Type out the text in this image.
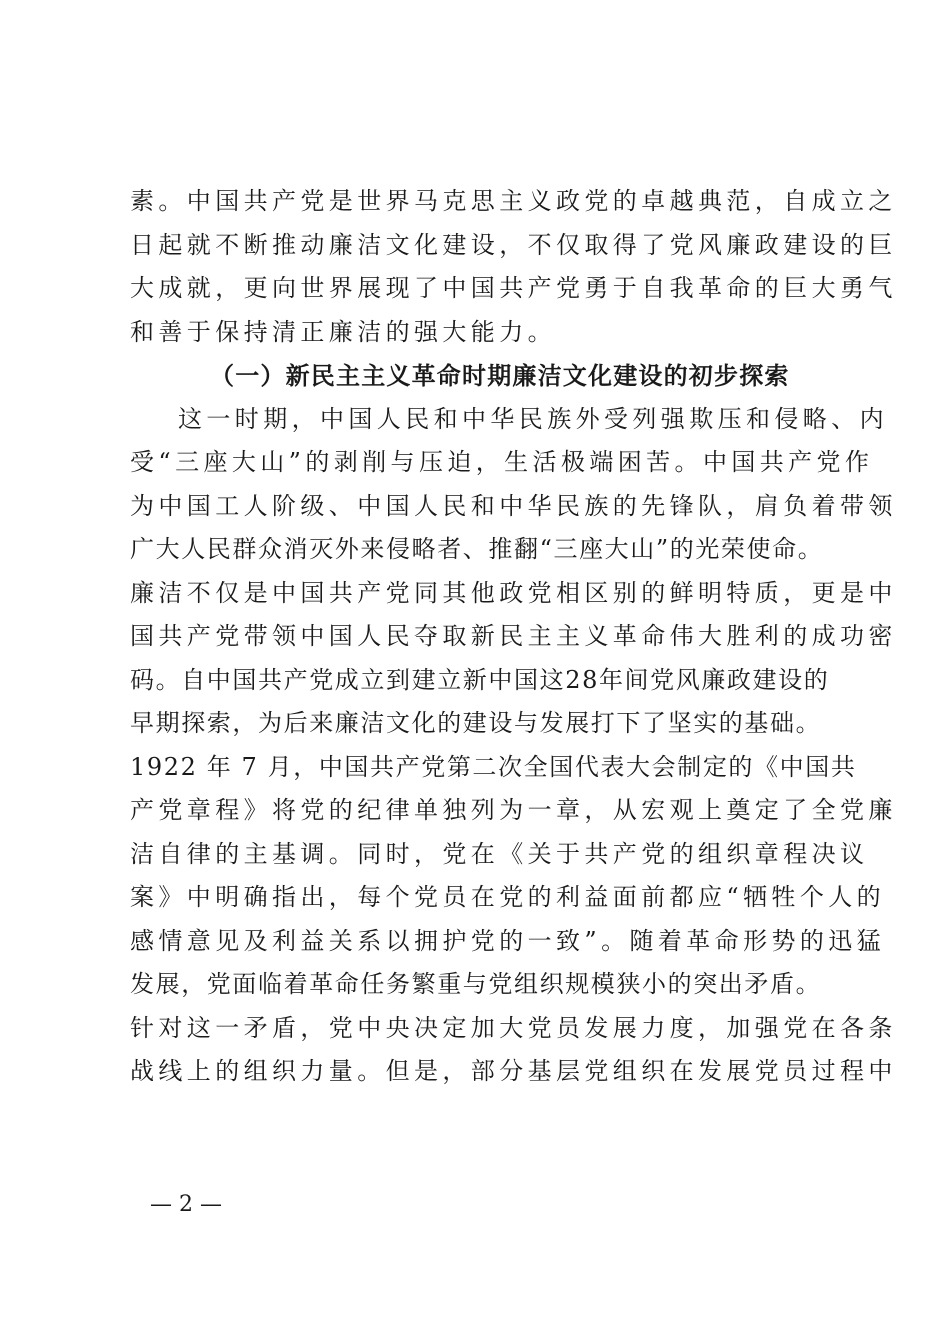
素。中国共产党是世界马克思主义政党的卓越典范，自成立之
日起就不断推动廉洁文化建设，不仅取得了党风廉政建设的巨
大成就，更向世界展现了中国共产党勇于自我革命的巨大勇气
和善于保持清正廉洁的强大能力。
（一）新民主主义革命时期廉洁文化建设的初步探索
这一时期，中国人民和中华民族外受列强欺压和侵略、内
受“三座大山”的剥削与压迫，生活极端困苦。中国共产党作
为中国工人阶级、中国人民和中华民族的先锋队，肩负着带领
广大人民群众消灭外来侵略者、推翻“三座大山”的光荣使命。
廉洁不仅是中国共产党同其他政党相区别的鲜明特质，更是中
国共产党带领中国人民夺取新民主主义革命伟大胜利的成功密
码。自中国共产党成立到建立新中国这28年间党风廉政建设的
早期探索，为后来廉洁文化的建设与发展打下了坚实的基础。
1922 年 7 月，中国共产党第二次全国代表大会制定的《中国共
产党章程》将党的纪律单独列为一章，从宏观上奠定了全党廉
洁自律的主基调。同时，党在《关于共产党的组织章程决议
案》中明确指出，每个党员在党的利益面前都应“牺牲个人的
感情意见及利益关系以拥护党的一致”。随着革命形势的迅猛
发展，党面临着革命任务繁重与党组织规模狭小的突出矛盾。
针对这一矛盾，党中央决定加大党员发展力度，加强党在各条
战线上的组织力量。但是，部分基层党组织在发展党员过程中
— 2 —
